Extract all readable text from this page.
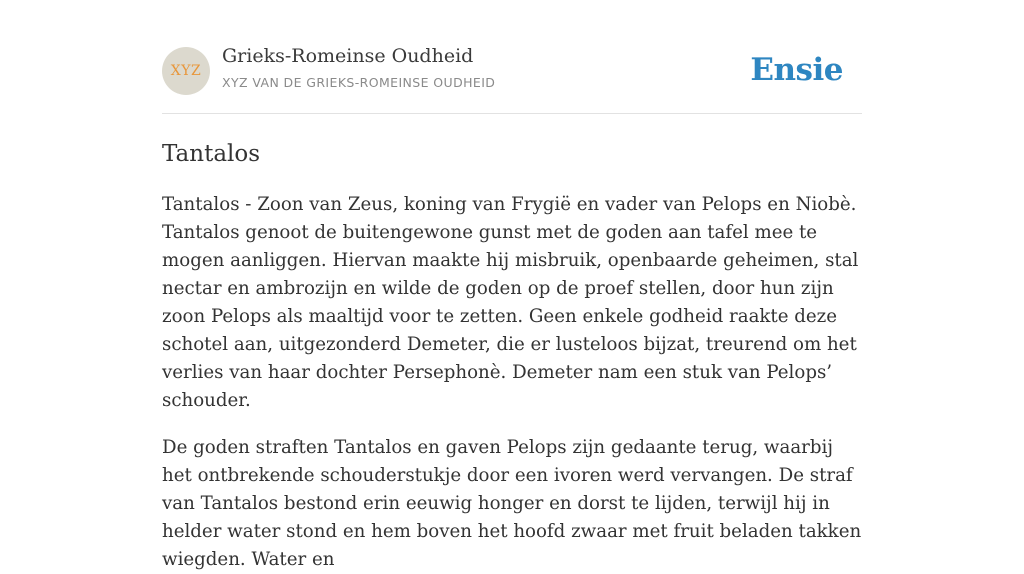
XYZ
Grieks-Romeinse Oudheid
XYZ VAN DE GRIEKS-ROMEINSE OUDHEID	Ensie
Tantalos

Tantalos - Zoon van Zeus, koning van Frygië en vader van Pelops en Niobè. Tantalos genoot de buitengewone gunst met de goden aan tafel mee te mogen aanliggen. Hiervan maakte hij misbruik, openbaarde geheimen, stal nectar en ambrozijn en wilde de goden op de proef stellen, door hun zijn zoon Pelops als maaltijd voor te zetten. Geen enkele godheid raakte deze schotel aan, uitgezonderd Demeter, die er lusteloos bijzat, treurend om het verlies van haar dochter Persephonè. Demeter nam een stuk van Pelops’ schouder.

De goden straften Tantalos en gaven Pelops zijn gedaante terug, waarbij het ontbrekende schouderstukje door een ivoren werd vervangen. De straf van Tantalos bestond erin eeuwig honger en dorst te lijden, terwijl hij in helder water stond en hem boven het hoofd zwaar met fruit beladen takken wiegden. Water en
